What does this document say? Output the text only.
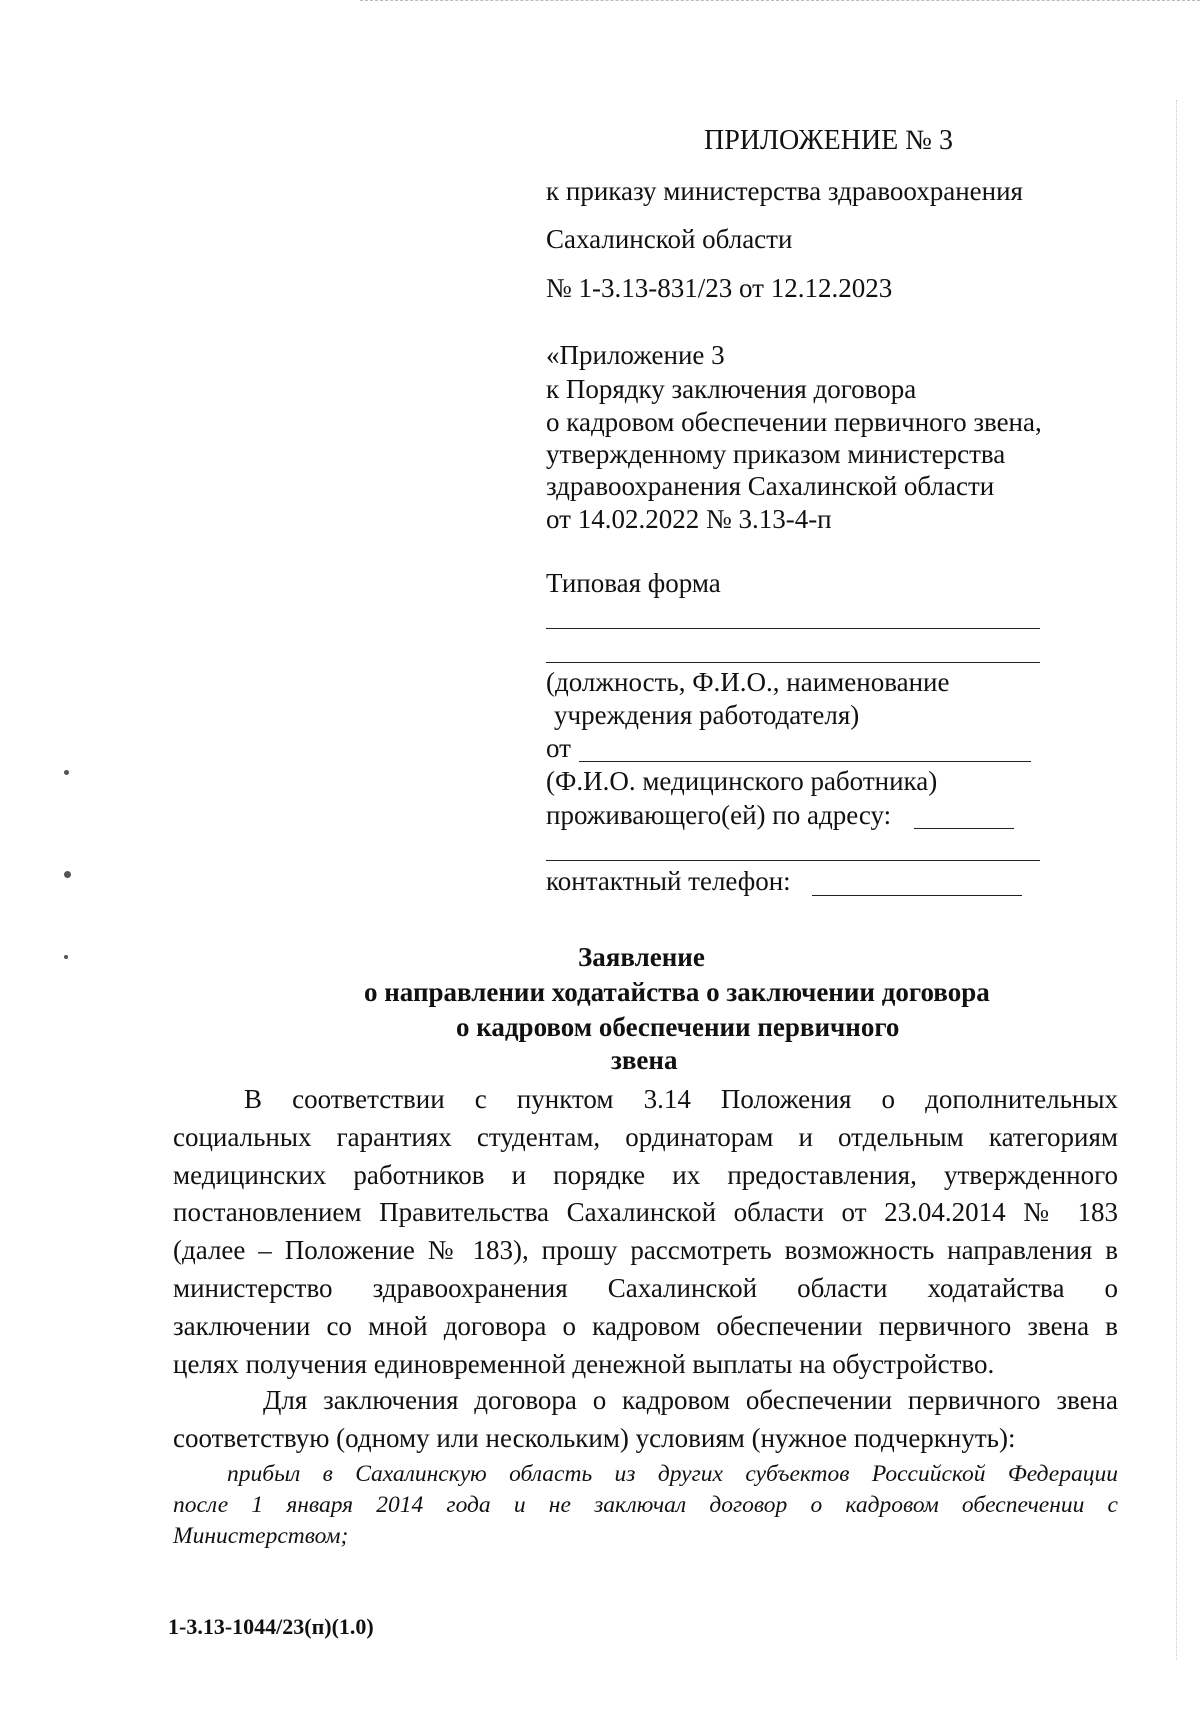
ПРИЛОЖЕНИЕ № 3
к приказу министерства здравоохранения
Сахалинской области
№ 1-3.13-831/23 от 12.12.2023
«Приложение 3
к Порядку заключения договора
о кадровом обеспечении первичного звена,
утвержденному приказом министерства
здравоохранения Сахалинской области
от 14.02.2022 № 3.13-4-п
Типовая форма
(должность, Ф.И.О., наименование
учреждения работодателя)
от
(Ф.И.О. медицинского работника)
проживающего(ей) по адресу:
контактный телефон:
Заявление
о направлении ходатайства о заключении договора
о кадровом обеспечении первичного
звена
В соответствии с пунктом 3.14 Положения о дополнительных
социальных гарантиях студентам, ординаторам и отдельным категориям
медицинских работников и порядке их предоставления, утвержденного
постановлением Правительства Сахалинской области от 23.04.2014 № 183
(далее – Положение № 183), прошу рассмотреть возможность направления в
министерство здравоохранения Сахалинской области ходатайства о
заключении со мной договора о кадровом обеспечении первичного звена в
целях получения единовременной денежной выплаты на обустройство.
Для заключения договора о кадровом обеспечении первичного звена
соответствую (одному или нескольким) условиям (нужное подчеркнуть):
прибыл в Сахалинскую область из других субъектов Российской Федерации
после 1 января 2014 года и не заключал договор о кадровом обеспечении с
Министерством;
1-3.13-1044/23(п)(1.0)
